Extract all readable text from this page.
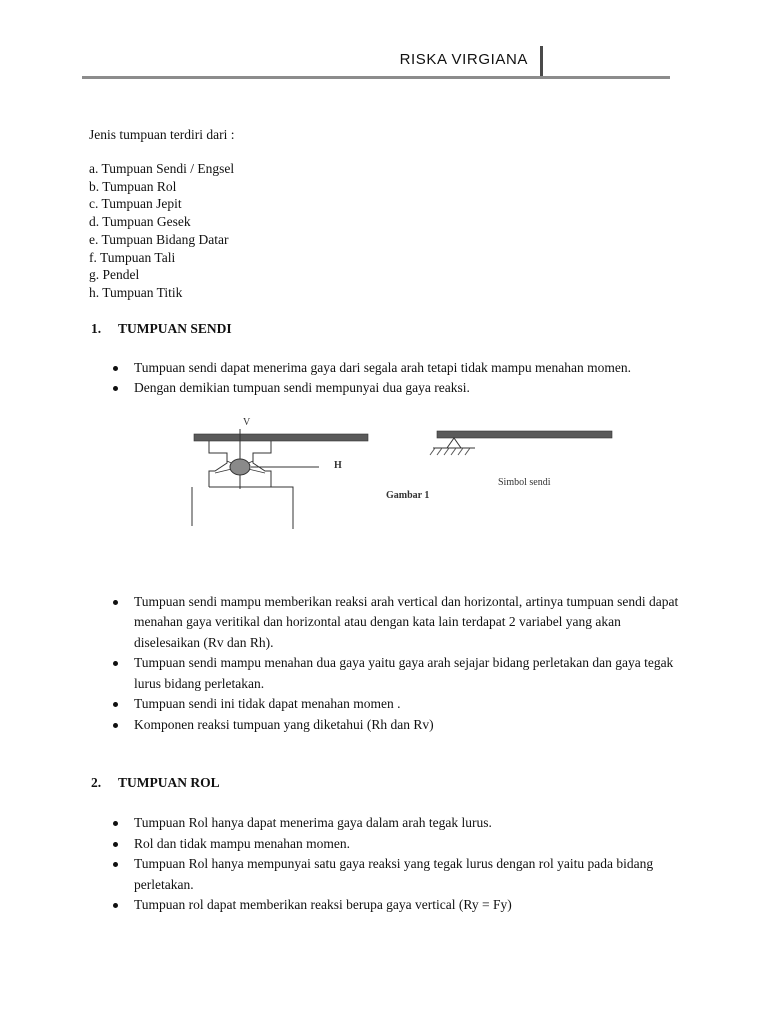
RISKA VIRGIANA

Jenis tumpuan terdiri dari :

a. Tumpuan Sendi / Engsel
b. Tumpuan Rol
c. Tumpuan Jepit
d. Tumpuan Gesek
e. Tumpuan Bidang Datar
f. Tumpuan Tali
g. Pendel
h. Tumpuan Titik
1.	TUMPUAN SENDI
Tumpuan sendi dapat menerima gaya dari segala arah tetapi tidak mampu menahan momen.
Dengan demikian tumpuan sendi mempunyai dua gaya reaksi.
V
H
Gambar 1
Simbol sendi
Tumpuan sendi mampu memberikan reaksi arah vertical dan horizontal, artinya tumpuan sendi dapat menahan gaya veritikal dan horizontal atau dengan kata lain terdapat 2 variabel yang akan diselesaikan (Rv dan Rh).
Tumpuan sendi mampu menahan dua gaya yaitu gaya arah sejajar bidang perletakan dan gaya tegak lurus bidang perletakan.
Tumpuan sendi ini tidak dapat menahan momen .
Komponen reaksi tumpuan yang diketahui (Rh dan Rv)
2.	TUMPUAN ROL
Tumpuan Rol hanya dapat menerima gaya dalam arah tegak lurus.
Rol dan tidak mampu menahan momen.
Tumpuan Rol hanya mempunyai satu gaya reaksi yang tegak lurus dengan rol yaitu pada bidang perletakan.
Tumpuan rol dapat memberikan reaksi berupa gaya vertical (Ry = Fy)
